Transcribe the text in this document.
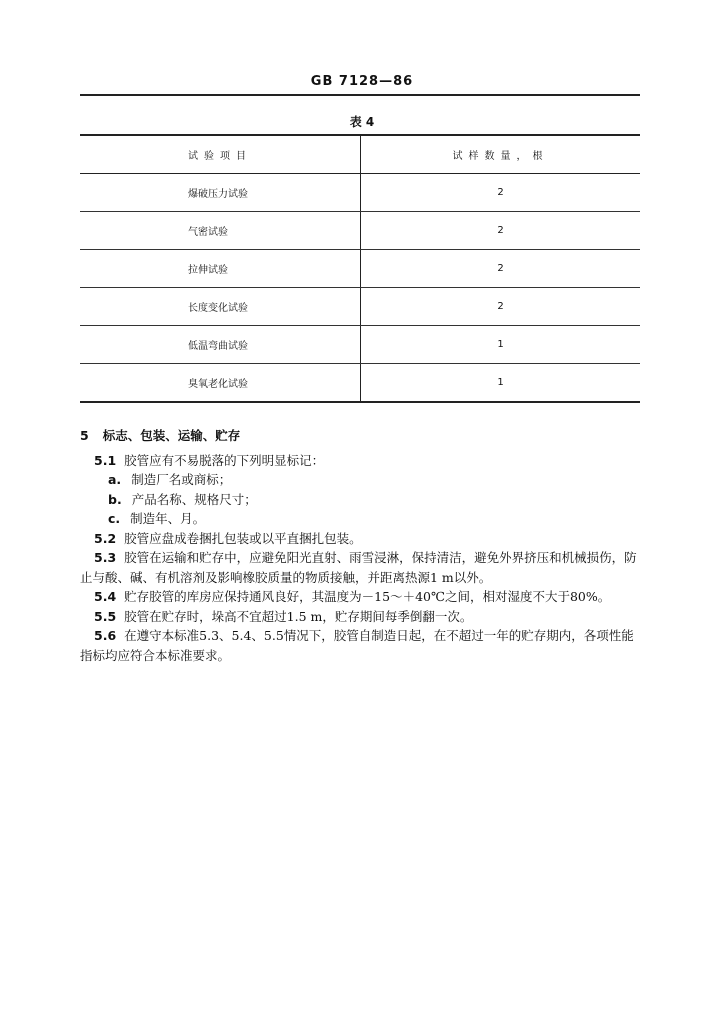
GB 7128—86
表 4
试验项目	试样数量，根
爆破压力试验	2
气密试验	2
拉伸试验	2
长度变化试验	2
低温弯曲试验	1
臭氧老化试验	1
5 标志、包装、运输、贮存

5.1 胶管应有不易脱落的下列明显标记：

a. 制造厂名或商标；

b. 产品名称、规格尺寸；

c. 制造年、月。

5.2 胶管应盘成卷捆扎包装或以平直捆扎包装。

5.3 胶管在运输和贮存中，应避免阳光直射、雨雪浸淋，保持清洁，避免外界挤压和机械损伤，防止与酸、碱、有机溶剂及影响橡胶质量的物质接触，并距离热源1 m以外。

5.4 贮存胶管的库房应保持通风良好，其温度为－15～＋40℃之间，相对湿度不大于80%。

5.5 胶管在贮存时，垛高不宜超过1.5 m，贮存期间每季倒翻一次。

5.6 在遵守本标准5.3、5.4、5.5情况下，胶管自制造日起，在不超过一年的贮存期内，各项性能指标均应符合本标准要求。
